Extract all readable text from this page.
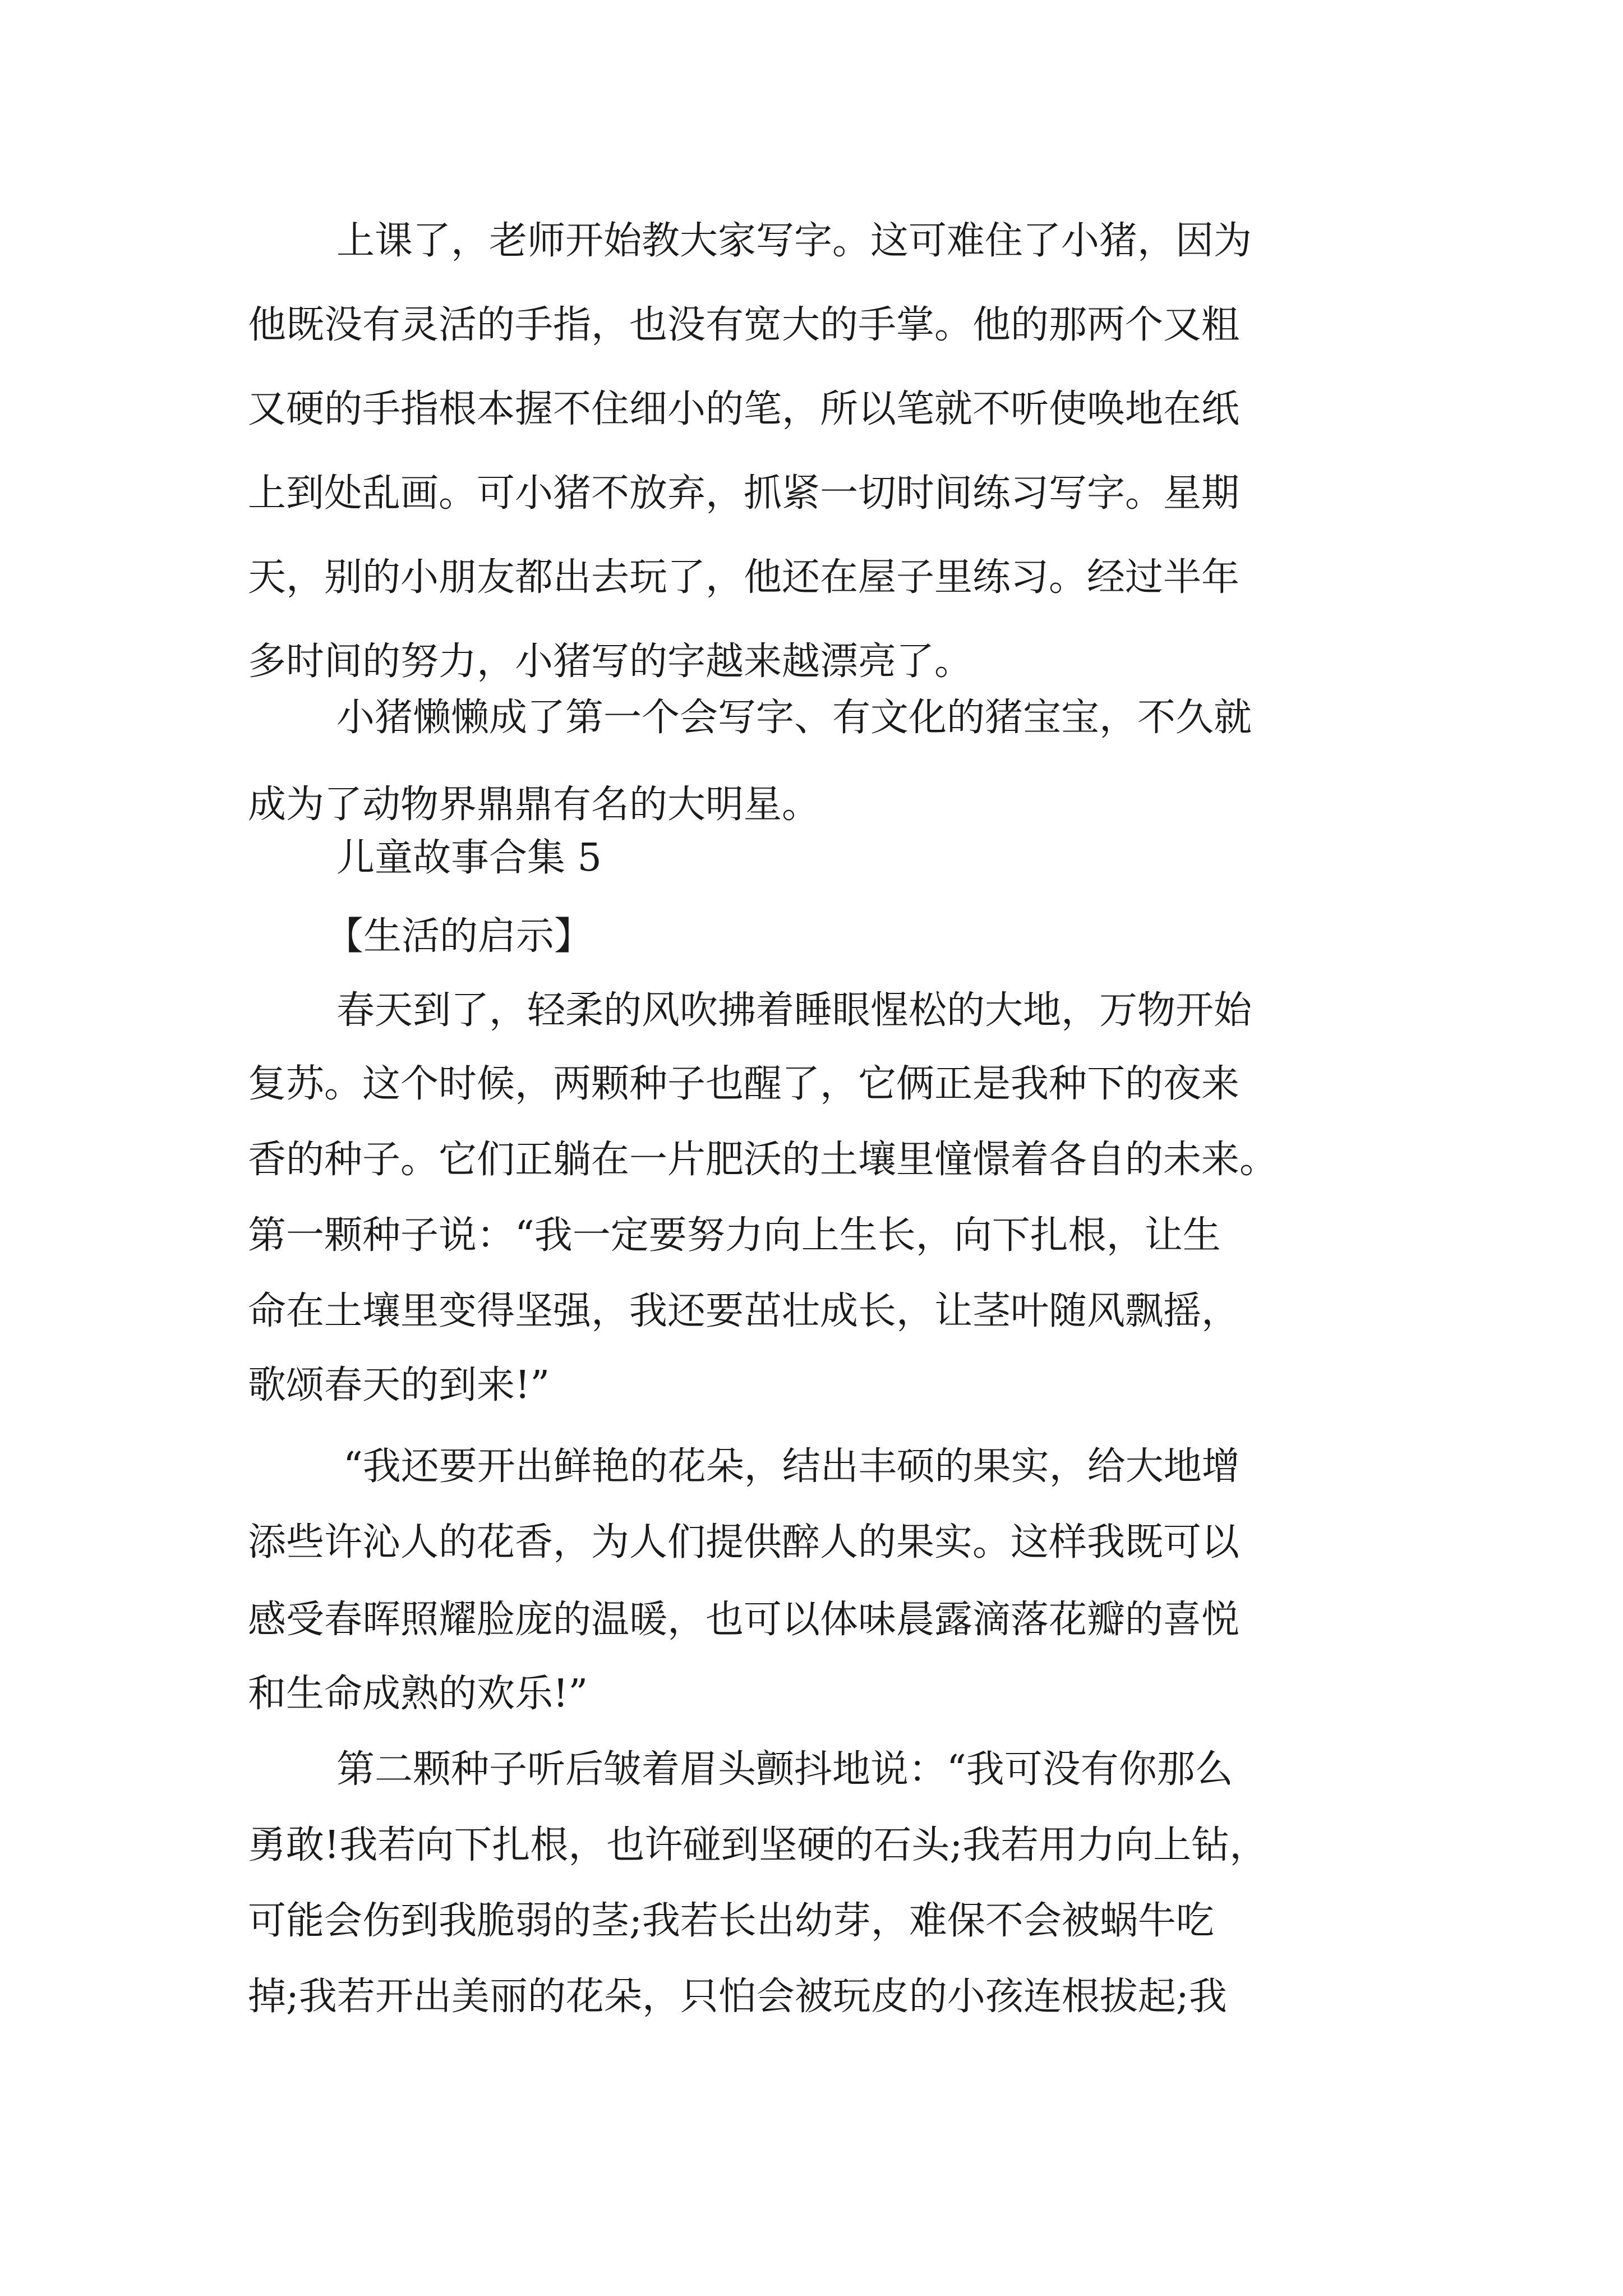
上课了，老师开始教大家写字。这可难住了小猪，因为

他既没有灵活的手指，也没有宽大的手掌。他的那两个又粗

又硬的手指根本握不住细小的笔，所以笔就不听使唤地在纸

上到处乱画。可小猪不放弃，抓紧一切时间练习写字。星期

天，别的小朋友都出去玩了，他还在屋子里练习。经过半年

多时间的努力，小猪写的字越来越漂亮了。

小猪懒懒成了第一个会写字、有文化的猪宝宝，不久就

成为了动物界鼎鼎有名的大明星。

儿童故事合集 5

【生活的启示】

春天到了，轻柔的风吹拂着睡眼惺松的大地，万物开始

复苏。这个时候，两颗种子也醒了，它俩正是我种下的夜来

香的种子。它们正躺在一片肥沃的土壤里憧憬着各自的未来。

第一颗种子说：“我一定要努力向上生长，向下扎根，让生

命在土壤里变得坚强，我还要茁壮成长，让茎叶随风飘摇，

歌颂春天的到来!”

“我还要开出鲜艳的花朵，结出丰硕的果实，给大地增

添些许沁人的花香，为人们提供醉人的果实。这样我既可以

感受春晖照耀脸庞的温暖，也可以体味晨露滴落花瓣的喜悦

和生命成熟的欢乐!”

第二颗种子听后皱着眉头颤抖地说：“我可没有你那么

勇敢!我若向下扎根，也许碰到坚硬的石头;我若用力向上钻，

可能会伤到我脆弱的茎;我若长出幼芽，难保不会被蜗牛吃

掉;我若开出美丽的花朵，只怕会被玩皮的小孩连根拔起;我
